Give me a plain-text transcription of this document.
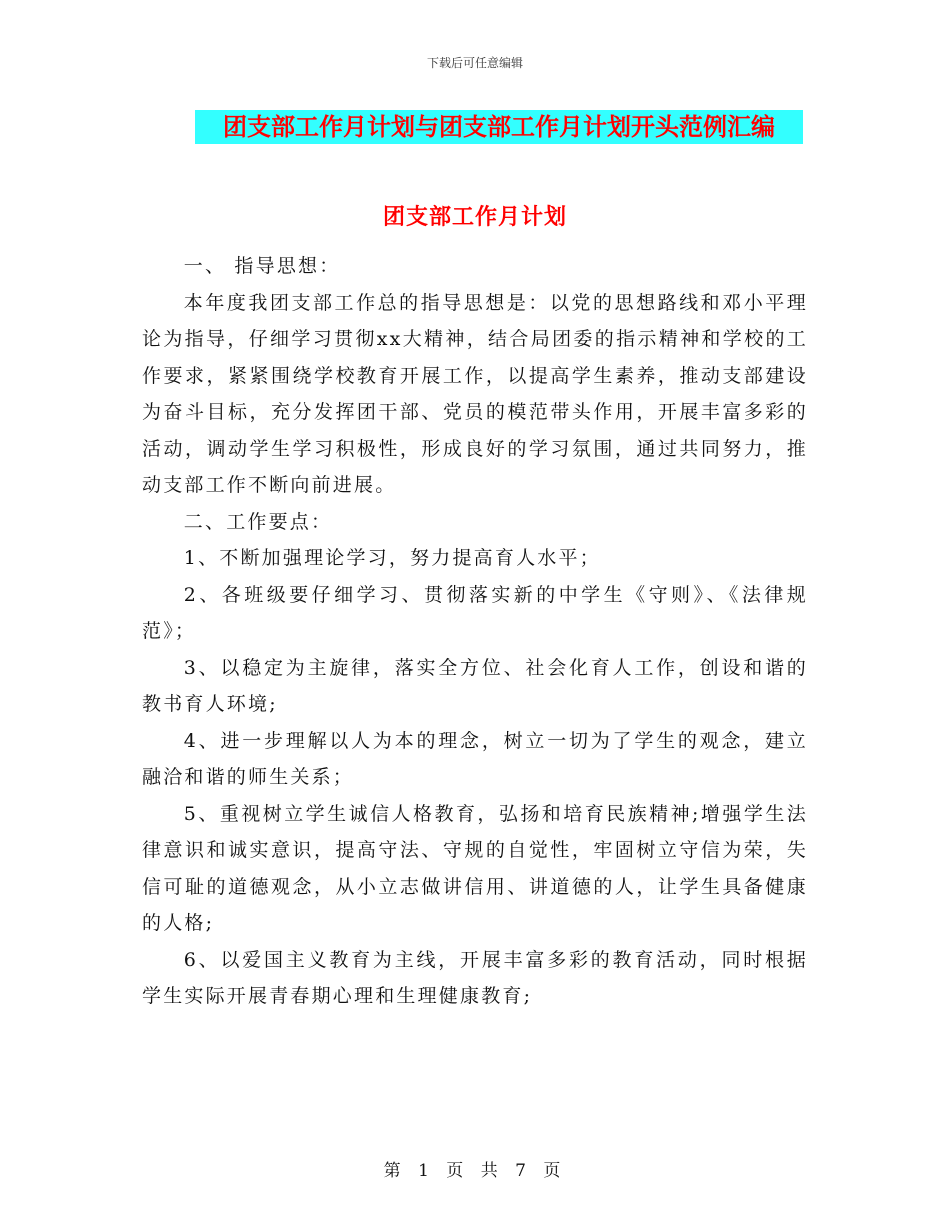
下载后可任意编辑
团支部工作月计划与团支部工作月计划开头范例汇编
团支部工作月计划

一、 指导思想：

本年度我团支部工作总的指导思想是：以党的思想路线和邓小平理论为指导，仔细学习贯彻xx大精神，结合局团委的指示精神和学校的工作要求，紧紧围绕学校教育开展工作，以提高学生素养，推动支部建设为奋斗目标，充分发挥团干部、党员的模范带头作用，开展丰富多彩的活动，调动学生学习积极性，形成良好的学习氛围，通过共同努力，推动支部工作不断向前进展。

二、工作要点：

1、不断加强理论学习，努力提高育人水平；

2、各班级要仔细学习、贯彻落实新的中学生《守则》、《法律规范》；

3、以稳定为主旋律，落实全方位、社会化育人工作，创设和谐的教书育人环境;

4、进一步理解以人为本的理念，树立一切为了学生的观念，建立融洽和谐的师生关系；

5、重视树立学生诚信人格教育，弘扬和培育民族精神;增强学生法律意识和诚实意识，提高守法、守规的自觉性，牢固树立守信为荣，失信可耻的道德观念，从小立志做讲信用、讲道德的人，让学生具备健康的人格;

6、以爱国主义教育为主线，开展丰富多彩的教育活动，同时根据学生实际开展青春期心理和生理健康教育;

第 1 页 共 7 页
